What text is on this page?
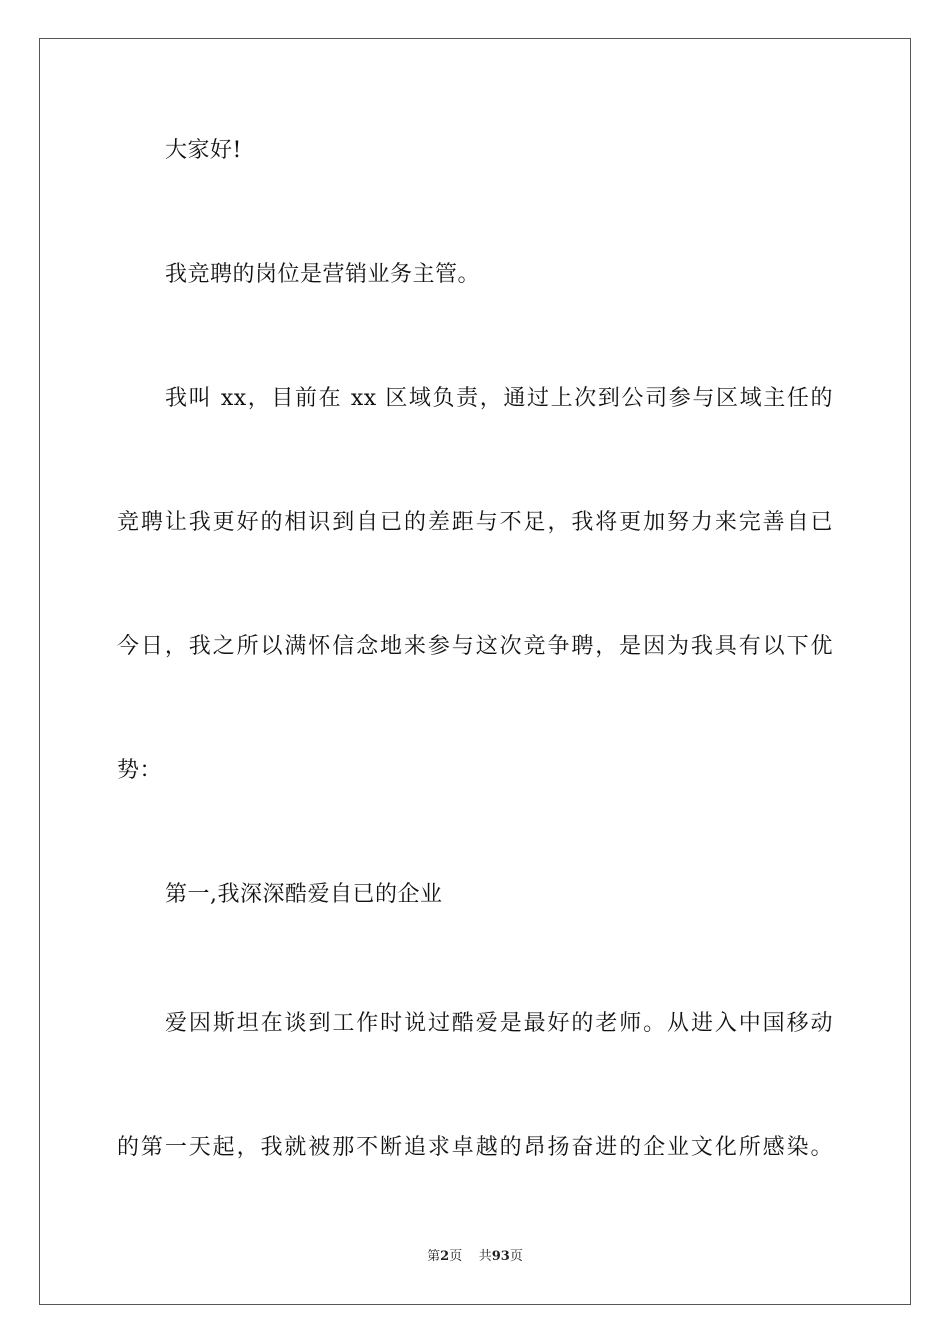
大家好!
我竞聘的岗位是营销业务主管。
我叫 xx，目前在 xx 区域负责，通过上次到公司参与区域主任的
竞聘让我更好的相识到自已的差距与不足，我将更加努力来完善自已
今日，我之所以满怀信念地来参与这次竞争聘，是因为我具有以下优
势：
第一,我深深酷爱自已的企业
爱因斯坦在谈到工作时说过酷爱是最好的老师。从进入中国移动
的第一天起，我就被那不断追求卓越的昂扬奋进的企业文化所感染。
第2页 共93页
